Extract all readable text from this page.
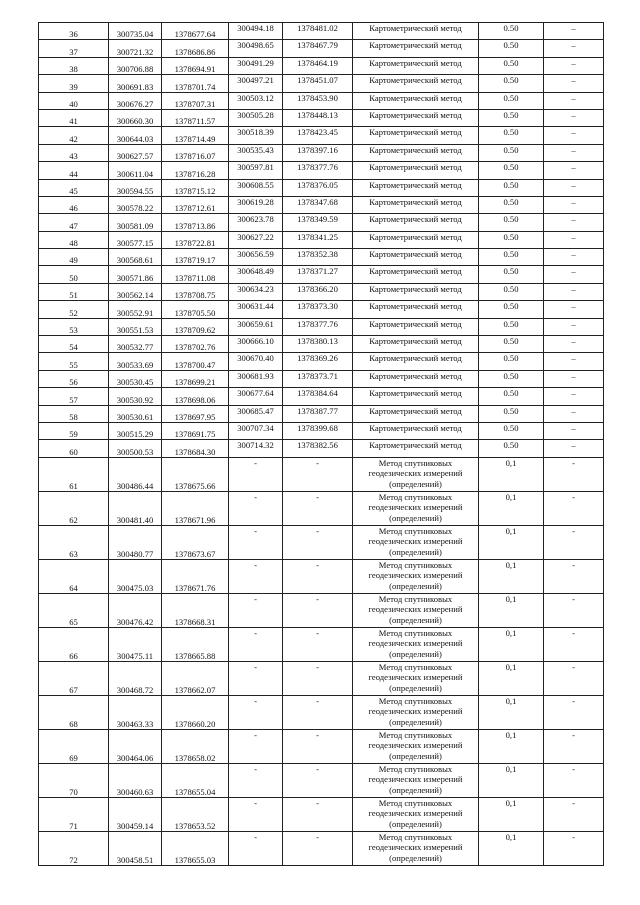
36	300735.04	1378677.64	300494.18	1378481.02	Картометрический метод	0.50	–
37	300721.32	1378686.86	300498.65	1378467.79	Картометрический метод	0.50	–
38	300706.88	1378694.91	300491.29	1378464.19	Картометрический метод	0.50	–
39	300691.83	1378701.74	300497.21	1378451.07	Картометрический метод	0.50	–
40	300676.27	1378707.31	300503.12	1378453.90	Картометрический метод	0.50	–
41	300660.30	1378711.57	300505.28	1378448.13	Картометрический метод	0.50	–
42	300644.03	1378714.49	300518.39	1378423.45	Картометрический метод	0.50	–
43	300627.57	1378716.07	300535.43	1378397.16	Картометрический метод	0.50	–
44	300611.04	1378716.28	300597.81	1378377.76	Картометрический метод	0.50	–
45	300594.55	1378715.12	300608.55	1378376.05	Картометрический метод	0.50	–
46	300578.22	1378712.61	300619.28	1378347.68	Картометрический метод	0.50	–
47	300581.09	1378713.86	300623.78	1378349.59	Картометрический метод	0.50	–
48	300577.15	1378722.81	300627.22	1378341.25	Картометрический метод	0.50	–
49	300568.61	1378719.17	300656.59	1378352.38	Картометрический метод	0.50	–
50	300571.86	1378711.08	300648.49	1378371.27	Картометрический метод	0.50	–
51	300562.14	1378708.75	300634.23	1378366.20	Картометрический метод	0.50	–
52	300552.91	1378705.50	300631.44	1378373.30	Картометрический метод	0.50	–
53	300551.53	1378709.62	300659.61	1378377.76	Картометрический метод	0.50	–
54	300532.77	1378702.76	300666.10	1378380.13	Картометрический метод	0.50	–
55	300533.69	1378700.47	300670.40	1378369.26	Картометрический метод	0.50	–
56	300530.45	1378699.21	300681.93	1378373.71	Картометрический метод	0.50	–
57	300530.92	1378698.06	300677.64	1378384.64	Картометрический метод	0.50	–
58	300530.61	1378697.95	300685.47	1378387.77	Картометрический метод	0.50	–
59	300515.29	1378691.75	300707.34	1378399.68	Картометрический метод	0.50	–
60	300500.53	1378684.30	300714.32	1378382.56	Картометрический метод	0.50	–
61	300486.44	1378675.66	-	-	Метод спутниковых
геодезических измерений
(определений)	0,1	-
62	300481.40	1378671.96	-	-	Метод спутниковых
геодезических измерений
(определений)	0,1	-
63	300480.77	1378673.67	-	-	Метод спутниковых
геодезических измерений
(определений)	0,1	-
64	300475.03	1378671.76	-	-	Метод спутниковых
геодезических измерений
(определений)	0,1	-
65	300476.42	1378668.31	-	-	Метод спутниковых
геодезических измерений
(определений)	0,1	-
66	300475.11	1378665.88	-	-	Метод спутниковых
геодезических измерений
(определений)	0,1	-
67	300468.72	1378662.07	-	-	Метод спутниковых
геодезических измерений
(определений)	0,1	-
68	300463.33	1378660.20	-	-	Метод спутниковых
геодезических измерений
(определений)	0,1	-
69	300464.06	1378658.02	-	-	Метод спутниковых
геодезических измерений
(определений)	0,1	-
70	300460.63	1378655.04	-	-	Метод спутниковых
геодезических измерений
(определений)	0,1	-
71	300459.14	1378653.52	-	-	Метод спутниковых
геодезических измерений
(определений)	0,1	-
72	300458.51	1378655.03	-	-	Метод спутниковых
геодезических измерений
(определений)	0,1	-
